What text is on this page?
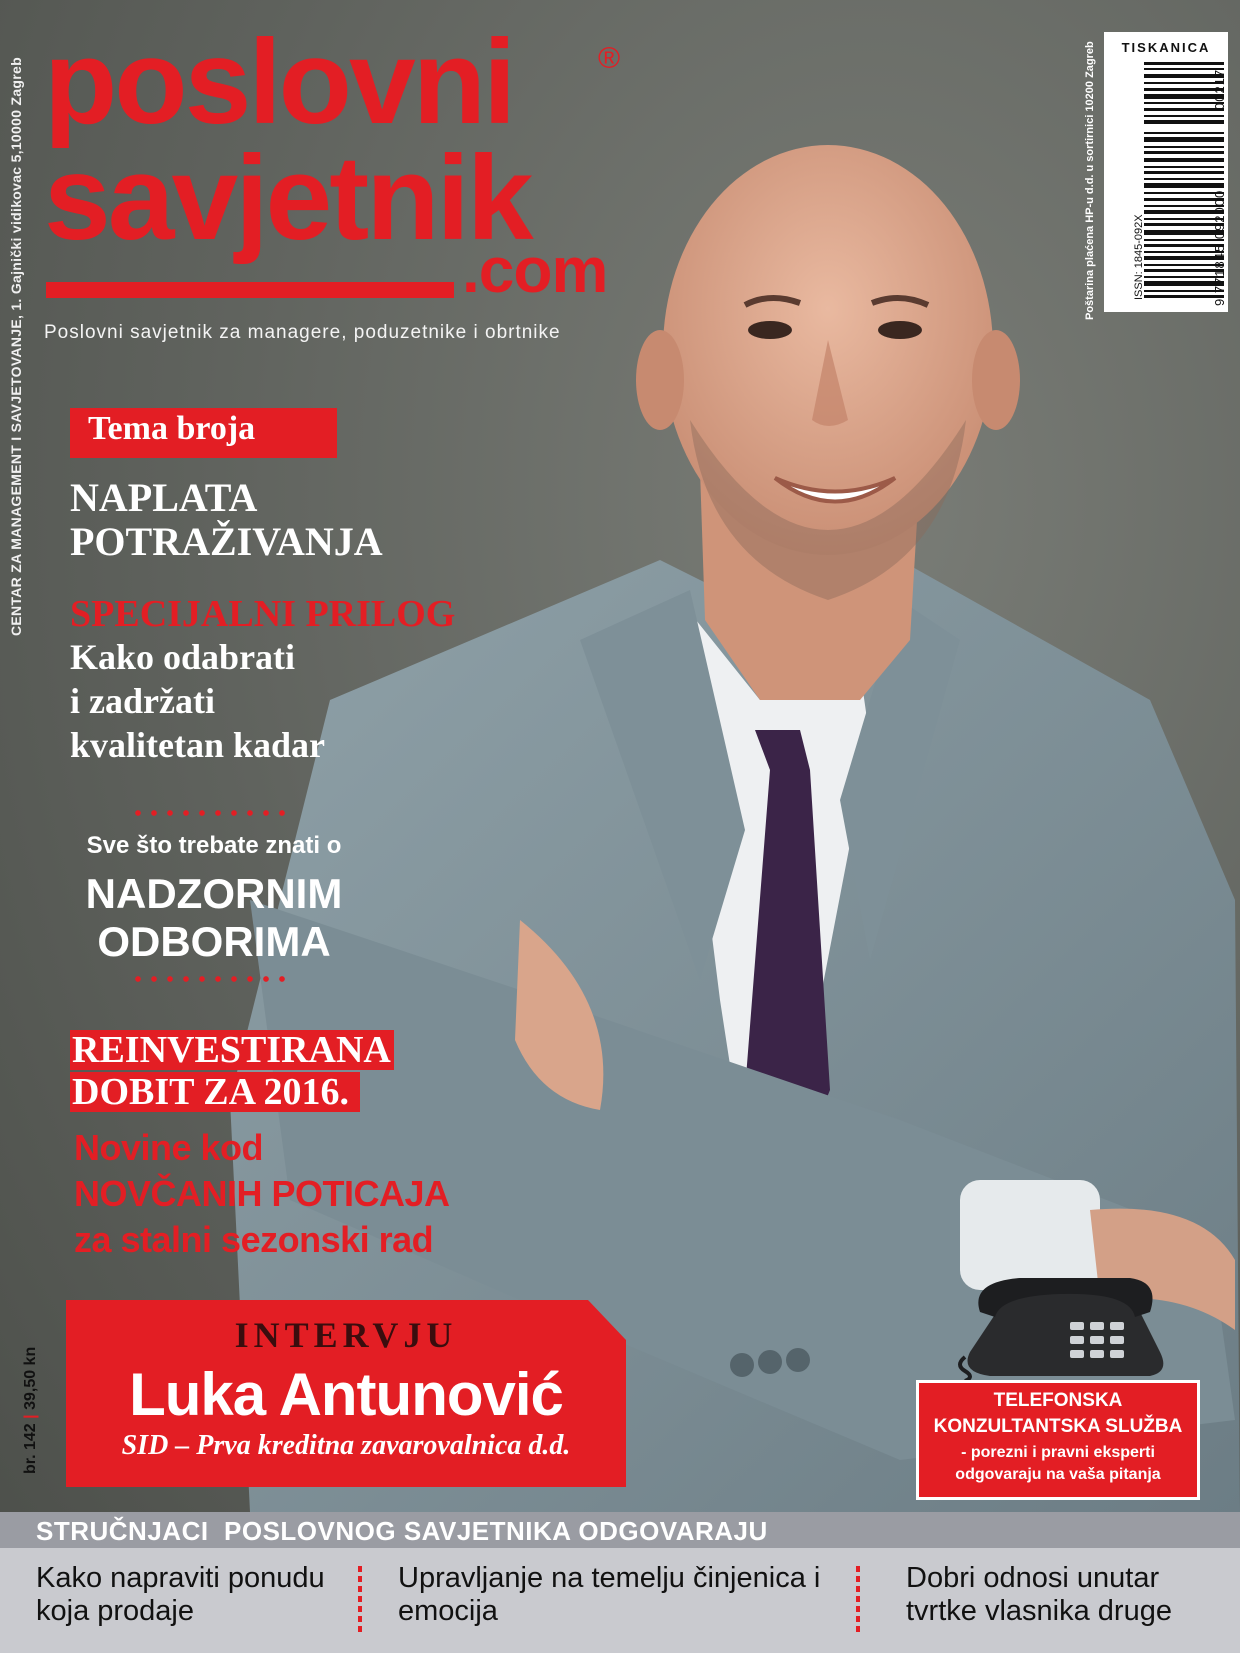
poslovni	®
savjetnik
.com
Poslovni savjetnik za managere, poduzetnike i obrtnike
CENTAR ZA MANAGEMENT I SAVJETOVANJE, 1. Gajnički vidikovac 5,10000 Zagreb
TISKANICA
Poštarina plaćena HP-u d.d. u sortirnici 10200 Zagreb	ISSN: 1845-092X	9 771845 092000
00217
Tema broja
NAPLATA
POTRAŽIVANJA
SPECIJALNI PRILOG
Kako odabrati
i zadržati
kvalitetan kadar
Sve što trebate znati o
NADZORNIM
ODBORIMA
REINVESTIRANA
DOBIT ZA 2016.
Novine kod
NOVČANIH POTICAJA
za stalni sezonski rad
INTERVJU
Luka Antunović
SID – Prva kreditna zavarovalnica d.d.
br. 142 | 39,50 kn	TELEFONSKA
KONZULTANTSKA SLUŽBA
- porezni i pravni eksperti
odgovaraju na vaša pitanja
STRUČNJACI  POSLOVNOG SAVJETNIKA ODGOVARAJU
Kako napraviti ponudu
koja prodaje
Upravljanje na temelju činjenica i
emocija
Dobri odnosi unutar
tvrtke vlasnika druge
